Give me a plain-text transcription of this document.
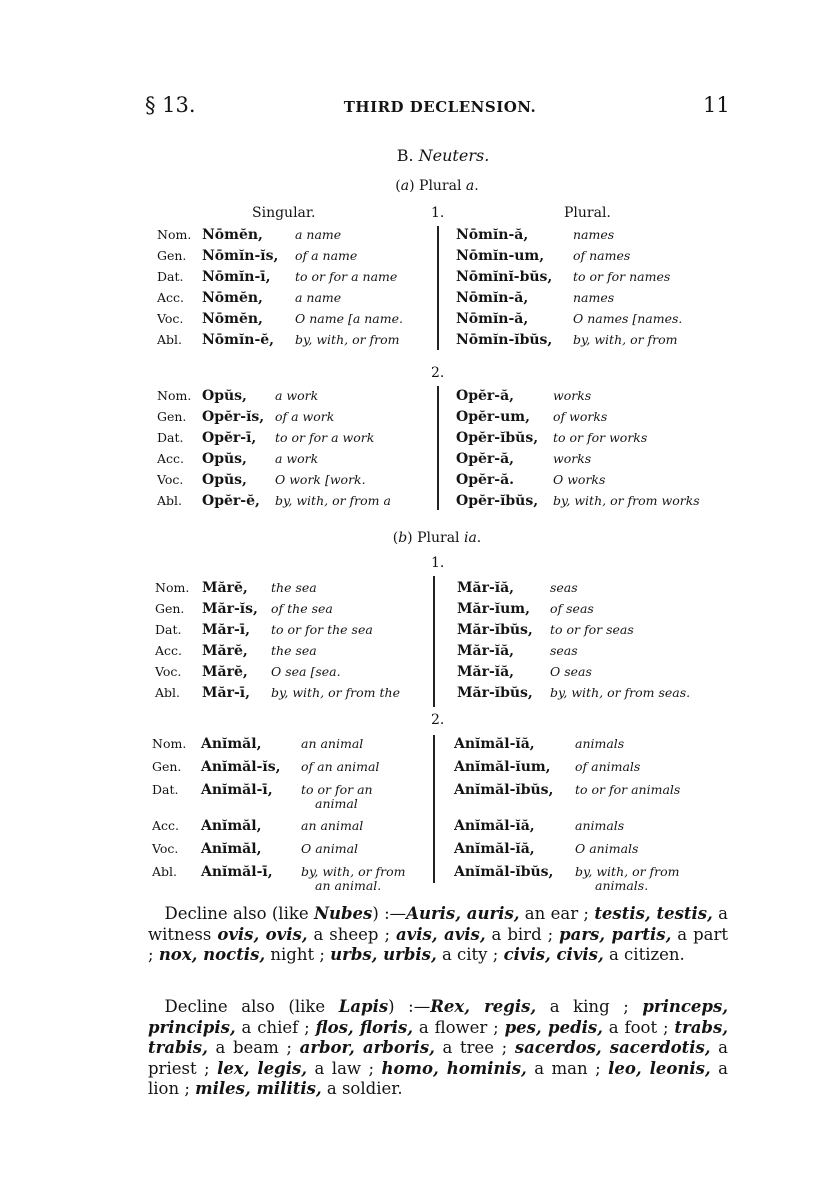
§ 13.	THIRD DECLENSION.	11
B. Neuters.
(a) Plural a.
Singular.	1.	Plural.
Nom. Nōmĕn,	a name	Nōmĭn-ă,	names
Gen. Nōmĭn-ĭs, of a name	Nōmĭn-um, of names
Dat. Nōmĭn-ī, to or for a name	Nōmĭnĭ-bŭs, to or for names
Acc. Nōmĕn,	a name	Nōmĭn-ă,	names
Voc. Nōmĕn,	O name [a name.	Nōmĭn-ă,	O names [names.
Abl. Nōmĭn-ĕ, by, with, or from	Nōmĭn-ĭbŭs, by, with, or from
2.
Nom. Opŭs, a work	Opĕr-ă,	works
Gen. Opĕr-ĭs, of a work	Opĕr-um, of works
Dat. Opĕr-ī, to or for a work	Opĕr-ĭbŭs, to or for works
Acc. Opŭs, a work	Opĕr-ă,	works
Voc. Opŭs, O work [work.	Opĕr-ă.	O works
Abl. Opĕr-ĕ, by, with, or from a	Opĕr-ĭbŭs, by, with, or from works
(b) Plural ia.
1.
Nom. Mărĕ, the sea	Măr-ĭă,	seas
Gen. Măr-ĭs, of the sea	Măr-ĭum, of seas
Dat. Măr-ī, to or for the sea	Măr-ĭbŭs, to or for seas
Acc. Mărĕ, the sea	Măr-ĭă,	seas
Voc. Mărĕ, O sea [sea.	Măr-ĭă,	O seas
Abl. Măr-ī, by, with, or from the	Măr-ĭbŭs, by, with, or from seas.
2.
Nom. Anĭmăl,	an animal	Anĭmăl-ĭă,	animals
Gen. Anĭmăl-ĭs, of an animal	Anĭmăl-ĭum, of animals
Dat. Anĭmăl-ī, to or for an	Anĭmăl-ĭbŭs, to or for animals
animal
Acc. Anĭmăl,	an animal	Anĭmăl-ĭă,	animals
Voc. Anĭmăl,	O animal	Anĭmăl-ĭă,	O animals
Abl. Anĭmăl-ī, by, with, or from	Anĭmăl-ĭbŭs, by, with, or from
an animal.	animals.
 Decline also (like Nubes) :—Auris, auris, an ear ; testis, testis, a witness ovis, ovis, a sheep ; avis, avis, a bird ; pars, partis, a part ; nox, noctis, night ; urbs, urbis, a city ; civis, civis, a citizen.
 Decline also (like Lapis) :—Rex, regis, a king ; princeps, principis, a chief ; flos, floris, a flower ; pes, pedis, a foot ; trabs, trabis, a beam ; arbor, arboris, a tree ; sacerdos, sacerdotis, a priest ; lex, legis, a law ; homo, hominis, a man ; leo, leonis, a lion ; miles, militis, a soldier.
